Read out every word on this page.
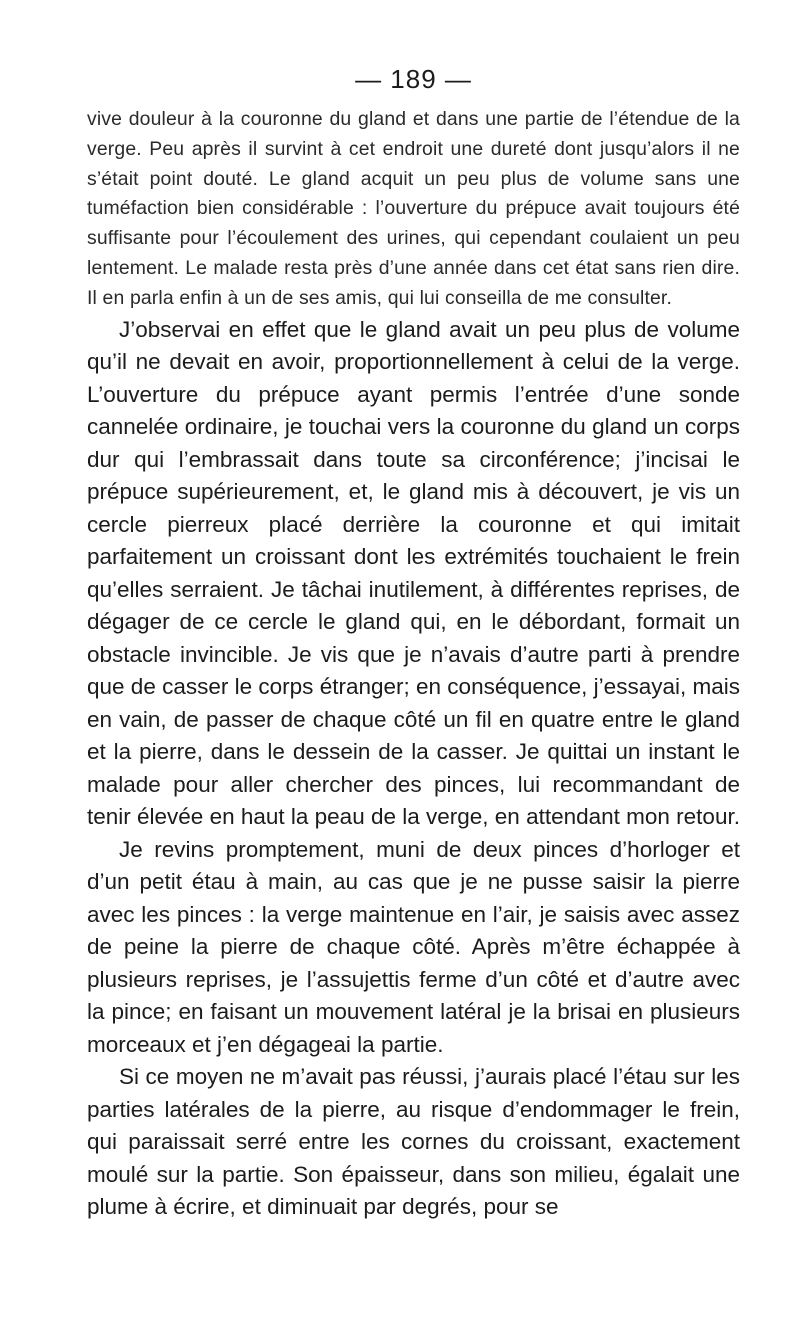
— 189 —

vive douleur à la couronne du gland et dans une partie de l’étendue de la verge. Peu après il survint à cet endroit une dureté dont jusqu’alors il ne s’était point douté. Le gland acquit un peu plus de volume sans une tuméfaction bien considérable : l’ouverture du prépuce avait toujours été suffisante pour l’écoulement des urines, qui cependant coulaient un peu lentement. Le malade resta près d’une année dans cet état sans rien dire. Il en parla enfin à un de ses amis, qui lui conseilla de me consulter.

J’observai en effet que le gland avait un peu plus de volume qu’il ne devait en avoir, proportionnellement à celui de la verge. L’ouverture du prépuce ayant permis l’entrée d’une sonde cannelée ordinaire, je touchai vers la couronne du gland un corps dur qui l’embrassait dans toute sa circonférence; j’incisai le prépuce supérieurement, et, le gland mis à découvert, je vis un cercle pierreux placé derrière la couronne et qui imitait parfaitement un croissant dont les extrémités touchaient le frein qu’elles serraient. Je tâchai inutilement, à différentes reprises, de dégager de ce cercle le gland qui, en le débordant, formait un obstacle invincible. Je vis que je n’avais d’autre parti à prendre que de casser le corps étranger; en conséquence, j’essayai, mais en vain, de passer de chaque côté un fil en quatre entre le gland et la pierre, dans le dessein de la casser. Je quittai un instant le malade pour aller chercher des pinces, lui recommandant de tenir élevée en haut la peau de la verge, en attendant mon retour.

Je revins promptement, muni de deux pinces d’horloger et d’un petit étau à main, au cas que je ne pusse saisir la pierre avec les pinces : la verge maintenue en l’air, je saisis avec assez de peine la pierre de chaque côté. Après m’être échappée à plusieurs reprises, je l’assujettis ferme d’un côté et d’autre avec la pince; en faisant un mouvement latéral je la brisai en plusieurs morceaux et j’en dégageai la partie.

Si ce moyen ne m’avait pas réussi, j’aurais placé l’étau sur les parties latérales de la pierre, au risque d’endommager le frein, qui paraissait serré entre les cornes du croissant, exactement moulé sur la partie. Son épaisseur, dans son milieu, égalait une plume à écrire, et diminuait par degrés, pour se
